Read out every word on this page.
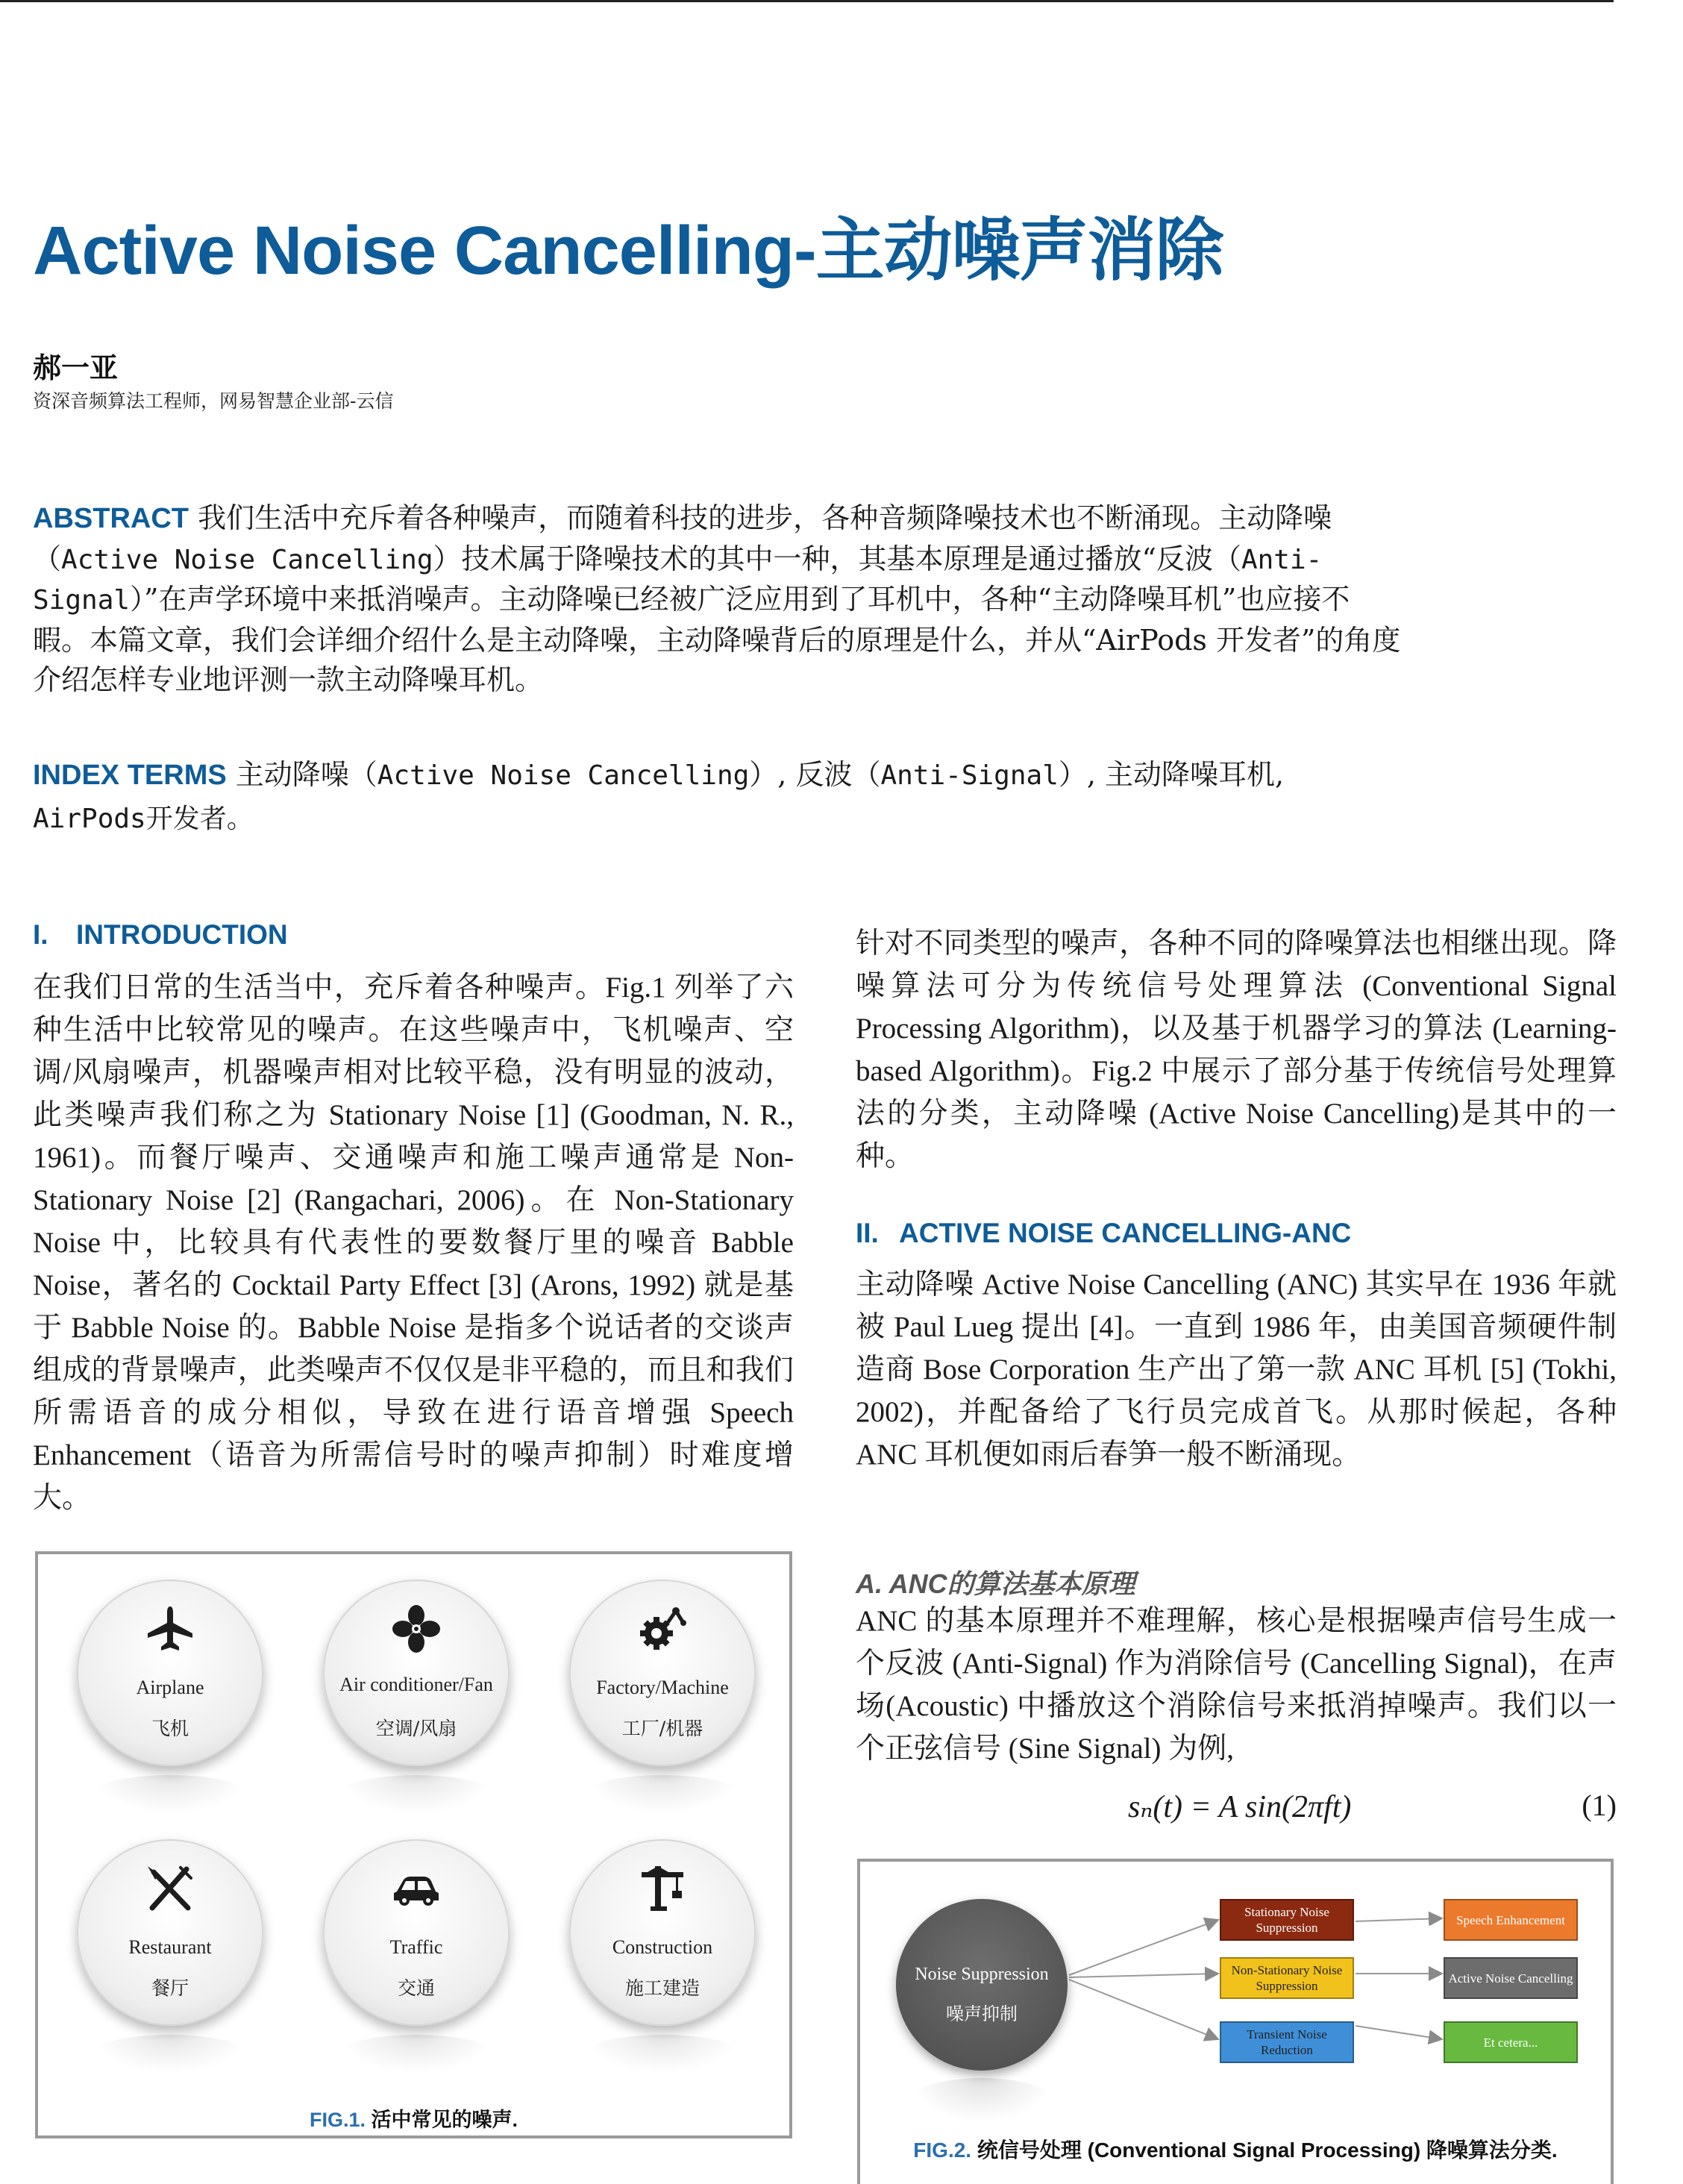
Active Noise Cancelling-主动噪声消除
郝一亚
资深音频算法工程师，网易智慧企业部-云信

ABSTRACT 我们生活中充斥着各种噪声，而随着科技的进步，各种音频降噪技术也不断涌现。主动降噪（Active Noise Cancelling）技术属于降噪技术的其中一种，其基本原理是通过播放“反波（Anti-Signal）”在声学环境中来抵消噪声。主动降噪已经被广泛应用到了耳机中，各种“主动降噪耳机”也应接不暇。本篇文章，我们会详细介绍什么是主动降噪，主动降噪背后的原理是什么，并从“AirPods 开发者”的角度介绍怎样专业地评测一款主动降噪耳机。

INDEX TERMS 主动降噪（Active Noise Cancelling）, 反波（Anti-Signal）, 主动降噪耳机, AirPods开发者。

I. INTRODUCTION

在我们日常的生活当中，充斥着各种噪声。Fig.1 列举了六种生活中比较常见的噪声。在这些噪声中，飞机噪声、空调/风扇噪声，机器噪声相对比较平稳，没有明显的波动，此类噪声我们称之为 Stationary Noise [1] (Goodman, N. R., 1961)。而餐厅噪声、交通噪声和施工噪声通常是 Non-Stationary Noise [2] (Rangachari, 2006)。在 Non-Stationary Noise 中，比较具有代表性的要数餐厅里的噪音 Babble Noise，著名的 Cocktail Party Effect [3] (Arons, 1992) 就是基于 Babble Noise 的。Babble Noise 是指多个说话者的交谈声组成的背景噪声，此类噪声不仅仅是非平稳的，而且和我们所需语音的成分相似，导致在进行语音增强 Speech Enhancement（语音为所需信号时的噪声抑制）时难度增大。

针对不同类型的噪声，各种不同的降噪算法也相继出现。降噪算法可分为传统信号处理算法 (Conventional Signal Processing Algorithm)，以及基于机器学习的算法 (Learning-based Algorithm)。Fig.2 中展示了部分基于传统信号处理算法的分类，主动降噪 (Active Noise Cancelling)是其中的一种。

II. ACTIVE NOISE CANCELLING-ANC

主动降噪 Active Noise Cancelling (ANC) 其实早在 1936 年就被 Paul Lueg 提出 [4]。一直到 1986 年，由美国音频硬件制造商 Bose Corporation 生产出了第一款 ANC 耳机 [5] (Tokhi, 2002)，并配备给了飞行员完成首飞。从那时候起，各种 ANC 耳机便如雨后春笋一般不断涌现。

A. ANC的算法基本原理

ANC 的基本原理并不难理解，核心是根据噪声信号生成一个反波 (Anti-Signal) 作为消除信号 (Cancelling Signal)，在声场(Acoustic) 中播放这个消除信号来抵消掉噪声。我们以一个正弦信号 (Sine Signal) 为例,

sₙ(t) = A sin(2πft)	(1)
Airplane
飞机
Air conditioner/Fan
空调/风扇
Factory/Machine
工厂/机器
Restaurant
餐厅
Traffic
交通
Construction
施工建造
FIG.1. 活中常见的噪声.
Noise Suppression
噪声抑制
Stationary Noise Suppression
Non-Stationary Noise Suppression
Transient Noise Reduction
Speech Enhancement
Active Noise Cancelling
Et cetera...
FIG.2. 统信号处理 (Conventional Signal Processing) 降噪算法分类.
